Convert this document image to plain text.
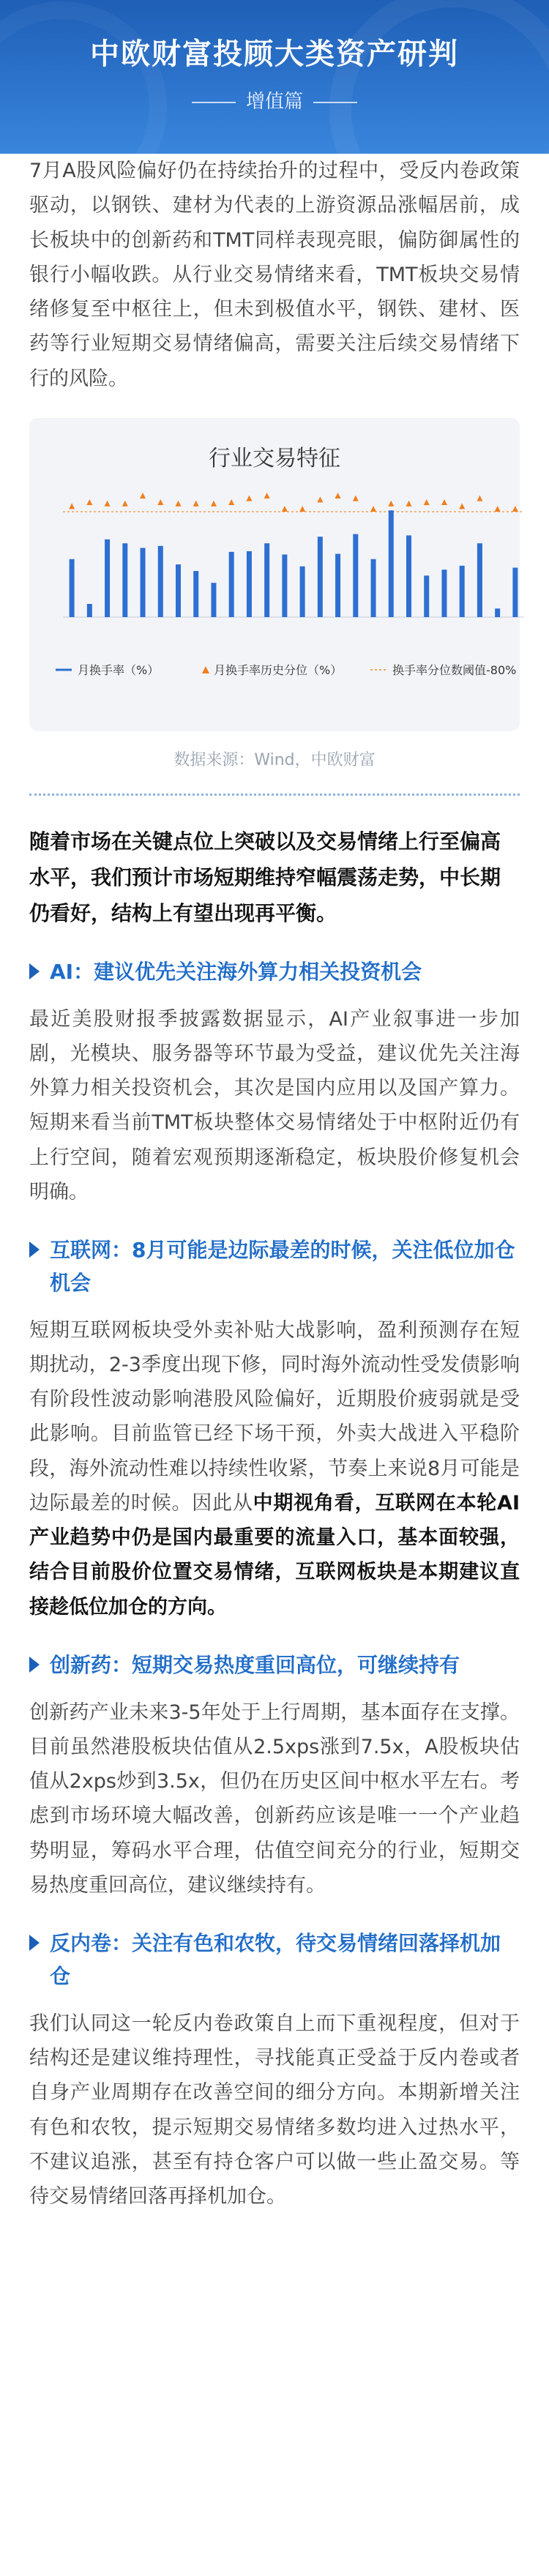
中欧财富投顾大类资产研判
增值篇

7月A股风险偏好仍在持续抬升的过程中，受反内卷政策驱动，以钢铁、建材为代表的上游资源品涨幅居前，成长板块中的创新药和TMT同样表现亮眼，偏防御属性的银行小幅收跌。从行业交易情绪来看，TMT板块交易情绪修复至中枢往上，但未到极值水平，钢铁、建材、医药等行业短期交易情绪偏高，需要关注后续交易情绪下行的风险。

行业交易特征
月换手率（%）	月换手率历史分位（%）	换手率分位数阈值-80%
数据来源：Wind，中欧财富

随着市场在关键点位上突破以及交易情绪上行至偏高水平，我们预计市场短期维持窄幅震荡走势，中长期仍看好，结构上有望出现再平衡。

AI：建议优先关注海外算力相关投资机会

最近美股财报季披露数据显示，AI产业叙事进一步加剧，光模块、服务器等环节最为受益，建议优先关注海外算力相关投资机会，其次是国内应用以及国产算力。短期来看当前TMT板块整体交易情绪处于中枢附近仍有上行空间，随着宏观预期逐渐稳定，板块股价修复机会明确。

互联网：8月可能是边际最差的时候，关注低位加仓机会

短期互联网板块受外卖补贴大战影响，盈利预测存在短期扰动，2-3季度出现下修，同时海外流动性受发债影响有阶段性波动影响港股风险偏好，近期股价疲弱就是受此影响。目前监管已经下场干预，外卖大战进入平稳阶段，海外流动性难以持续性收紧，节奏上来说8月可能是边际最差的时候。因此从中期视角看，互联网在本轮AI产业趋势中仍是国内最重要的流量入口，基本面较强，结合目前股价位置交易情绪，互联网板块是本期建议直接趁低位加仓的方向。

创新药：短期交易热度重回高位，可继续持有

创新药产业未来3-5年处于上行周期，基本面存在支撑。目前虽然港股板块估值从2.5xps涨到7.5x，A股板块估值从2xps炒到3.5x，但仍在历史区间中枢水平左右。考虑到市场环境大幅改善，创新药应该是唯一一个产业趋势明显，筹码水平合理，估值空间充分的行业，短期交易热度重回高位，建议继续持有。

反内卷：关注有色和农牧，待交易情绪回落择机加仓

我们认同这一轮反内卷政策自上而下重视程度，但对于结构还是建议维持理性，寻找能真正受益于反内卷或者自身产业周期存在改善空间的细分方向。本期新增关注有色和农牧，提示短期交易情绪多数均进入过热水平，不建议追涨，甚至有持仓客户可以做一些止盈交易。等待交易情绪回落再择机加仓。
